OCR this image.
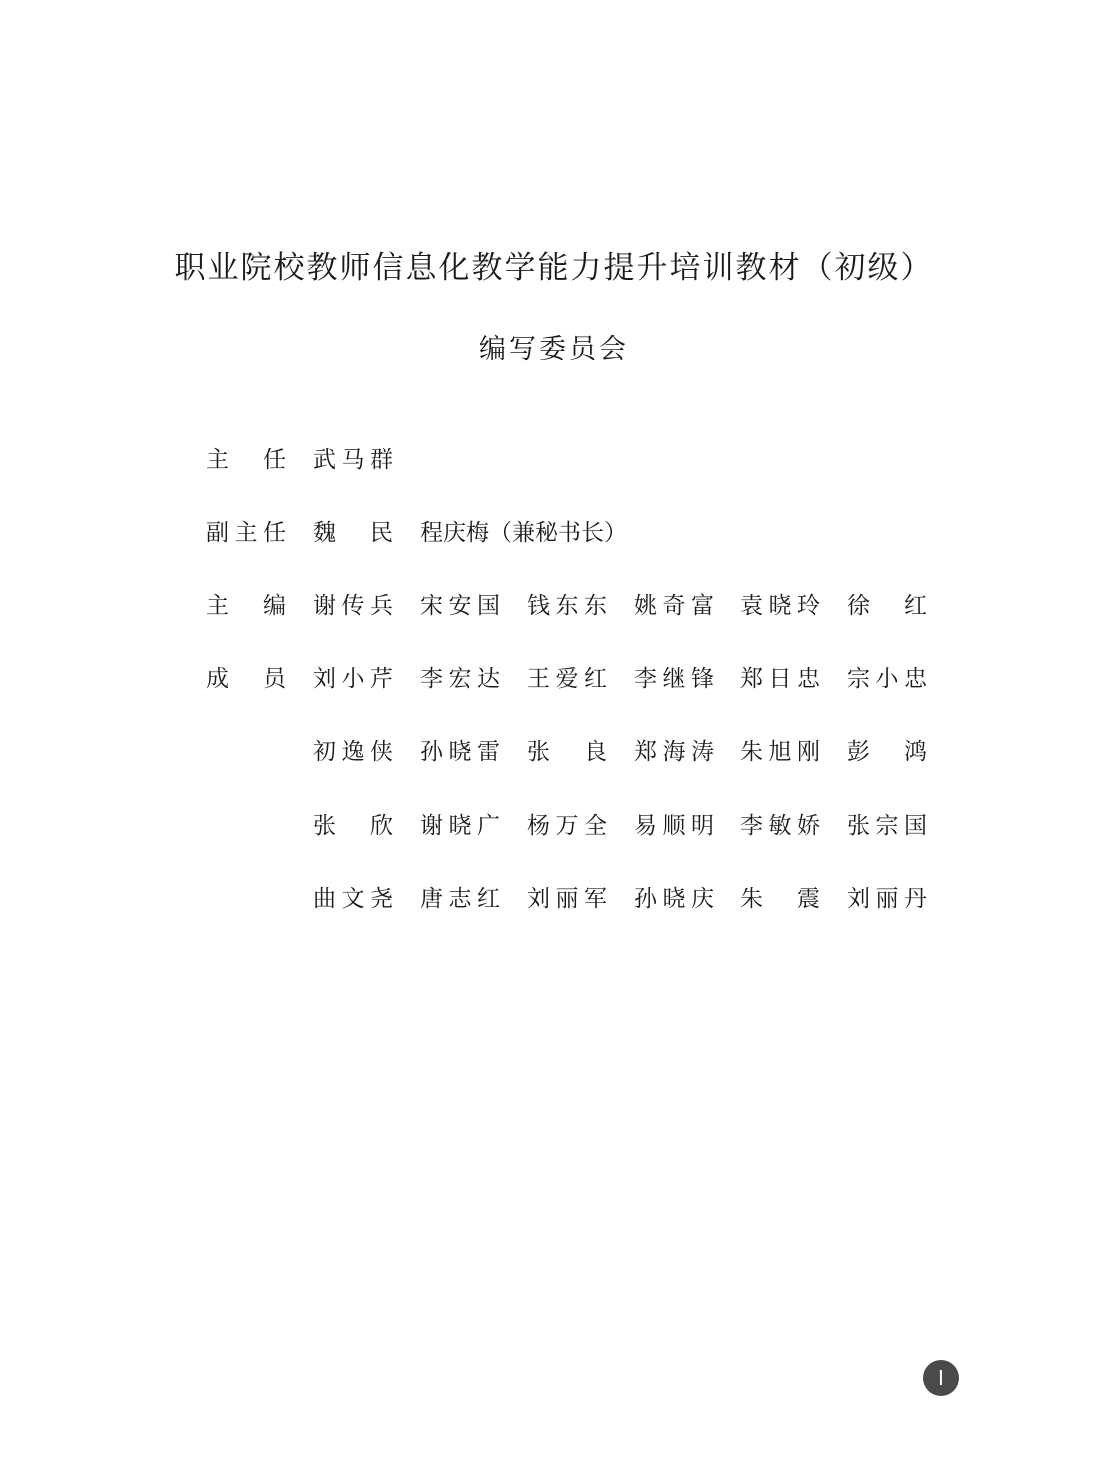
职业院校教师信息化教学能力提升培训教材（初级）
编写委员会
主 任 武 马 群
副 主 任 魏 民 程庆梅（兼秘书长）
主 编 谢 传 兵 宋 安 国 钱 东 东 姚 奇 富 袁 晓 玲 徐 红
成 员 刘 小 芹 李 宏 达 王 爱 红 李 继 锋 郑 日 忠 宗 小 忠
初 逸 侠 孙 晓 雷 张 良 郑 海 涛 朱 旭 刚 彭 鸿
张 欣 谢 晓 广 杨 万 全 易 顺 明 李 敏 娇 张 宗 国
曲 文 尧 唐 志 红 刘 丽 军 孙 晓 庆 朱 震 刘 丽 丹
I
